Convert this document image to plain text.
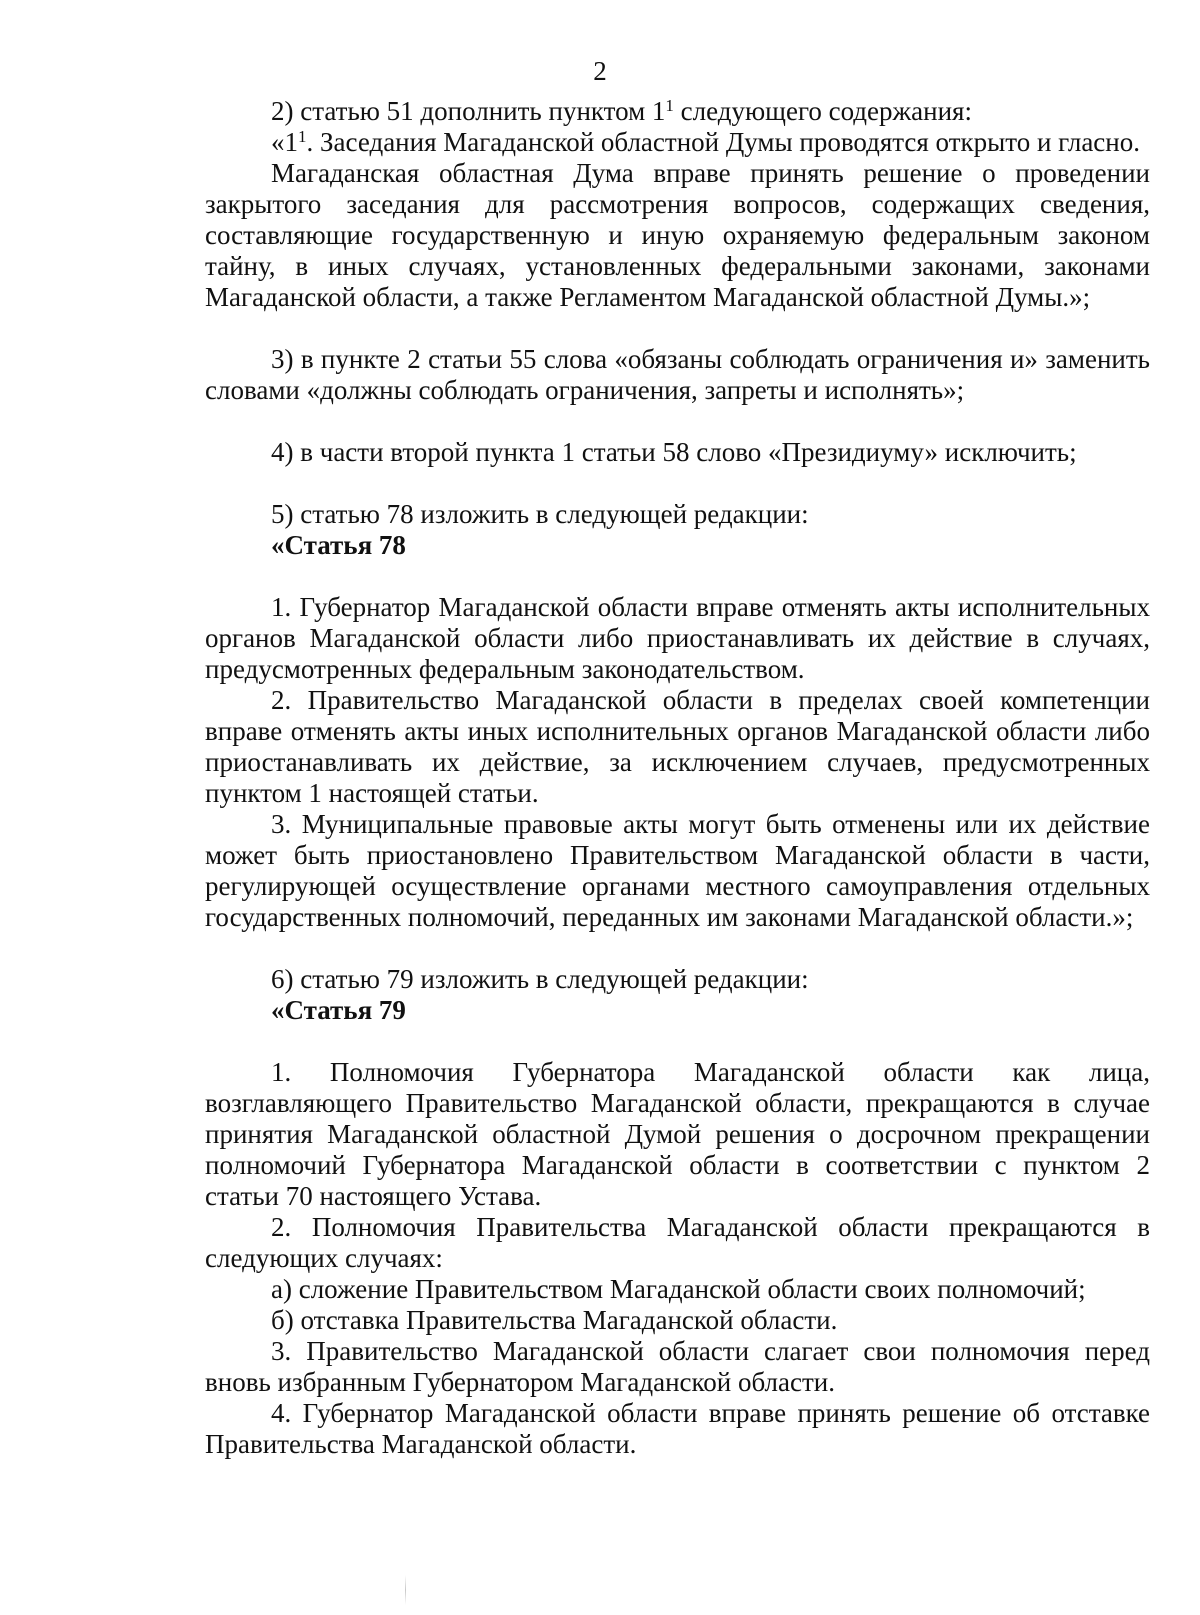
2

2) статью 51 дополнить пунктом $1^1$ следующего содержания:

«$1^1$. Заседания Магаданской областной Думы проводятся открыто и гласно.

Магаданская областная Дума вправе принять решение о проведении закрытого заседания для рассмотрения вопросов, содержащих сведения, составляющие государственную и иную охраняемую федеральным законом тайну, в иных случаях, установленных федеральными законами, законами Магаданской области, а также Регламентом Магаданской областной Думы.»;

3) в пункте 2 статьи 55 слова «обязаны соблюдать ограничения и» заменить словами «должны соблюдать ограничения, запреты и исполнять»;

4) в части второй пункта 1 статьи 58 слово «Президиуму» исключить;

5) статью 78 изложить в следующей редакции:

«Статья 78

1. Губернатор Магаданской области вправе отменять акты исполнительных органов Магаданской области либо приостанавливать их действие в случаях, предусмотренных федеральным законодательством.

2. Правительство Магаданской области в пределах своей компетенции вправе отменять акты иных исполнительных органов Магаданской области либо приостанавливать их действие, за исключением случаев, предусмотренных пунктом 1 настоящей статьи.

3. Муниципальные правовые акты могут быть отменены или их действие может быть приостановлено Правительством Магаданской области в части, регулирующей осуществление органами местного самоуправления отдельных государственных полномочий, переданных им законами Магаданской области.»;

6) статью 79 изложить в следующей редакции:

«Статья 79

1. Полномочия Губернатора Магаданской области как лица, возглавляющего Правительство Магаданской области, прекращаются в случае принятия Магаданской областной Думой решения о досрочном прекращении полномочий Губернатора Магаданской области в соответствии с пунктом 2 статьи 70 настоящего Устава.

2. Полномочия Правительства Магаданской области прекращаются в следующих случаях:

а) сложение Правительством Магаданской области своих полномочий;

б) отставка Правительства Магаданской области.

3. Правительство Магаданской области слагает свои полномочия перед вновь избранным Губернатором Магаданской области.

4. Губернатор Магаданской области вправе принять решение об отставке Правительства Магаданской области.
